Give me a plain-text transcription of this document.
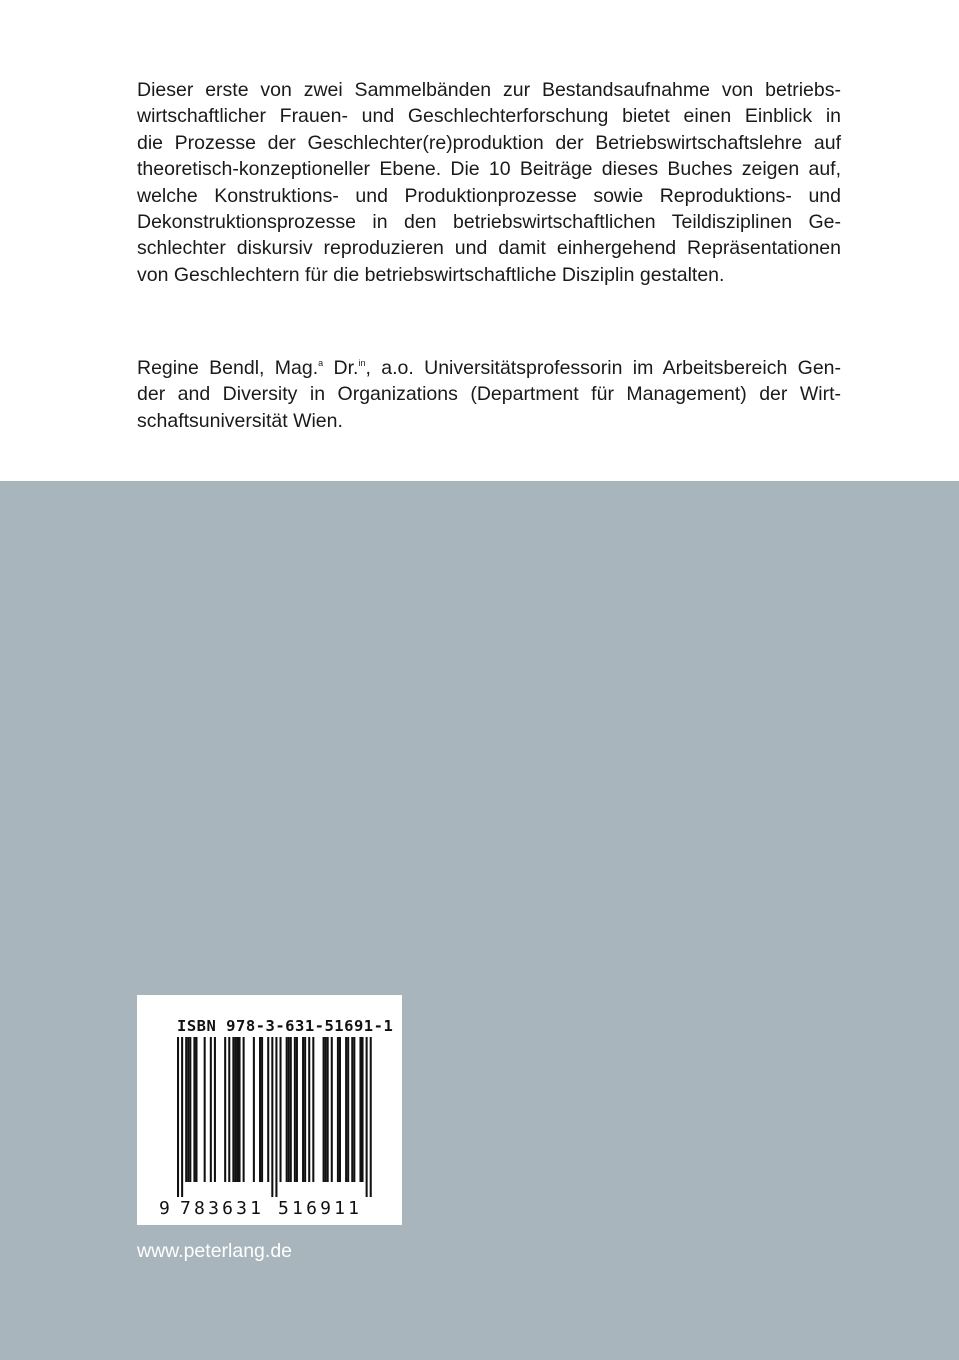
Dieser erste von zwei Sammelbänden zur Bestandsaufnahme von betriebs-
wirtschaftlicher Frauen- und Geschlechterforschung bietet einen Einblick in
die Prozesse der Geschlechter(re)produktion der Betriebswirtschaftslehre auf
theoretisch-konzeptioneller Ebene. Die 10 Beiträge dieses Buches zeigen auf,
welche Konstruktions- und Produktionprozesse sowie Reproduktions- und
Dekonstruktionsprozesse in den betriebswirtschaftlichen Teildisziplinen Ge-
schlechter diskursiv reproduzieren und damit einhergehend Repräsentationen
von Geschlechtern für die betriebswirtschaftliche Disziplin gestalten.
Regine Bendl, Mag.$^a$ Dr.$^{in}$, a.o. Universitätsprofessorin im Arbeitsbereich Gen-
der and Diversity in Organizations (Department für Management) der Wirt-
schaftsuniversität Wien.
9 783631 516911
ISBN 978-3-631-51691-1
www.peterlang.de
